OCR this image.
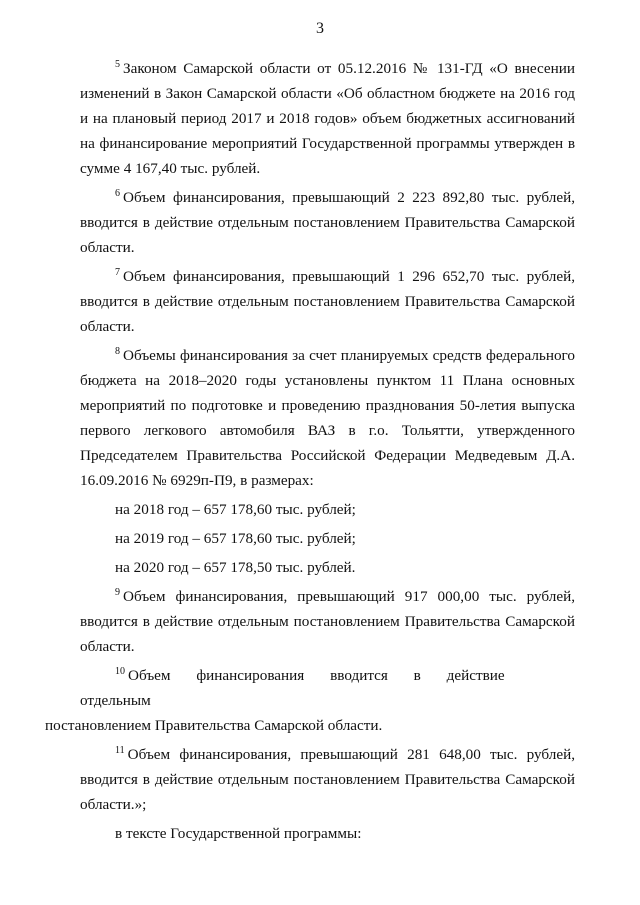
3

$^5$ Законом Самарской области от 05.12.2016 № 131-ГД «О внесении изменений в Закон Самарской области «Об областном бюджете на 2016 год и на плановый период 2017 и 2018 годов» объем бюджетных ассигнований на финансирование мероприятий Государственной программы утвержден в сумме 4 167,40 тыс. рублей.

$^6$ Объем финансирования, превышающий 2 223 892,80 тыс. рублей, вводится в действие отдельным постановлением Правительства Самарской области.

$^7$ Объем финансирования, превышающий 1 296 652,70 тыс. рублей, вводится в действие отдельным постановлением Правительства Самарской области.

$^8$ Объемы финансирования за счет планируемых средств федерального бюджета на 2018–2020 годы установлены пунктом 11 Плана основных мероприятий по подготовке и проведению празднования 50-летия выпуска первого легкового автомобиля ВАЗ в г.о. Тольятти, утвержденного Председателем Правительства Российской Федерации Медведевым Д.А. 16.09.2016 № 6929п-П9, в размерах:

на 2018 год – 657 178,60 тыс. рублей;

на 2019 год – 657 178,60 тыс. рублей;

на 2020 год – 657 178,50 тыс. рублей.

$^9$ Объем финансирования, превышающий 917 000,00 тыс. рублей, вводится в действие отдельным постановлением Правительства Самарской области.

$^{10}$ Объем финансирования вводится в действие отдельным
постановлением Правительства Самарской области.

$^{11}$ Объем финансирования, превышающий 281 648,00 тыс. рублей, вводится в действие отдельным постановлением Правительства Самарской области.»;

в тексте Государственной программы:
